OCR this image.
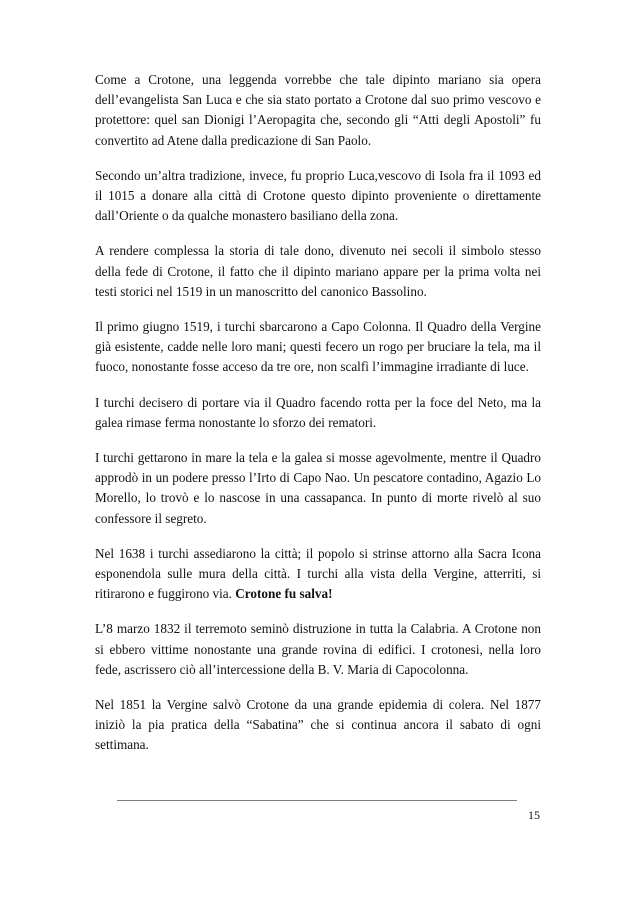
Come a Crotone, una leggenda vorrebbe che tale dipinto mariano sia opera dell’evangelista San Luca e che sia stato portato a Crotone dal suo primo vescovo e protettore: quel san Dionigi l’Aeropagita che, secondo gli “Atti degli Apostoli” fu convertito ad Atene dalla predicazione di San Paolo.

Secondo un’altra tradizione, invece, fu proprio Luca,vescovo di Isola fra il 1093 ed il 1015 a donare alla città di Crotone questo dipinto proveniente o direttamente dall’Oriente o da qualche monastero basiliano della zona.

A rendere complessa la storia di tale dono, divenuto nei secoli il simbolo stesso della fede di Crotone, il fatto che il dipinto mariano appare per la prima volta nei testi storici nel 1519 in un manoscritto del canonico Bassolino.

Il primo giugno 1519, i turchi sbarcarono a Capo Colonna. Il Quadro della Vergine già esistente, cadde nelle loro mani; questi fecero un rogo per bruciare la tela, ma il fuoco, nonostante fosse acceso da tre ore, non scalfì l’immagine irradiante di luce.

I turchi decisero di portare via il Quadro facendo rotta per la foce del Neto, ma la galea rimase ferma nonostante lo sforzo dei rematori.

I turchi gettarono in mare la tela e la galea si mosse agevolmente, mentre il Quadro approdò in un podere presso l’Irto di Capo Nao. Un pescatore contadino, Agazio Lo Morello, lo trovò e lo nascose in una cassapanca. In punto di morte rivelò al suo confessore il segreto.

Nel 1638 i turchi assediarono la città; il popolo si strinse attorno alla Sacra Icona esponendola sulle mura della città. I turchi alla vista della Vergine, atterriti, si ritirarono e fuggirono via. Crotone fu salva!

L’8 marzo 1832 il terremoto seminò distruzione in tutta la Calabria. A Crotone non si ebbero vittime nonostante una grande rovina di edifici. I crotonesi, nella loro fede, ascrissero ciò all’intercessione della B. V. Maria di Capocolonna.

Nel 1851 la Vergine salvò Crotone da una grande epidemia di colera. Nel 1877 iniziò la pia pratica della “Sabatina” che si continua ancora il sabato di ogni settimana.

15
